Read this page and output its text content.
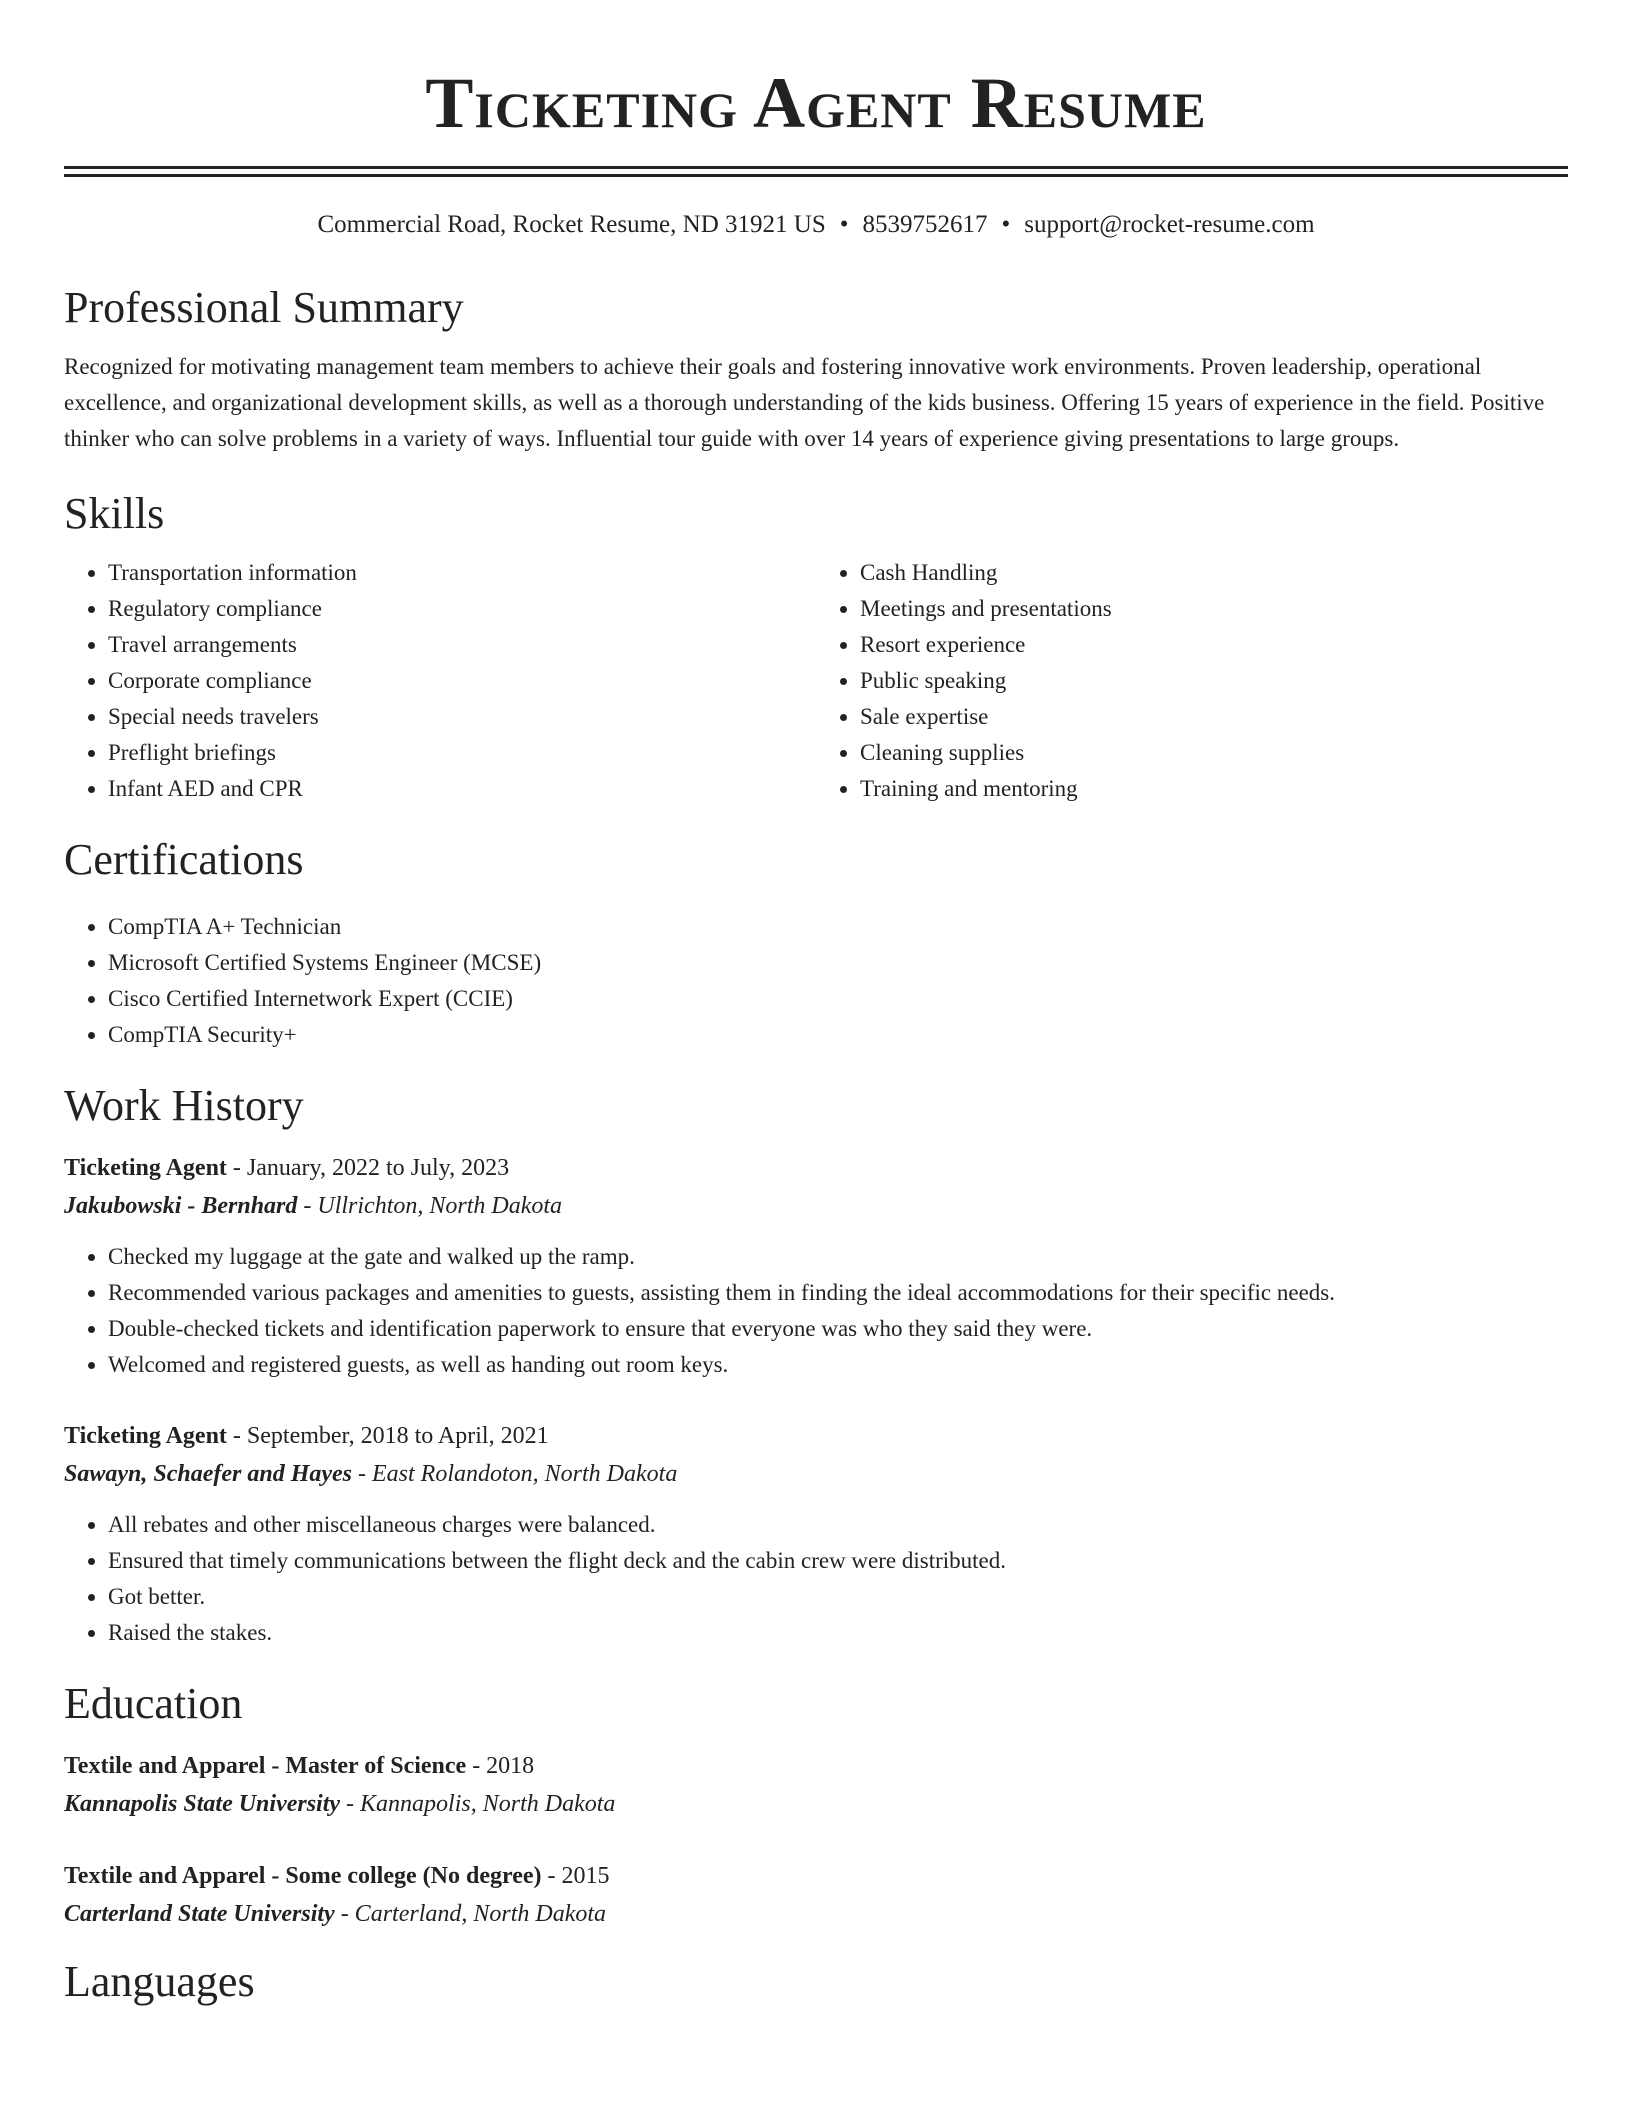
Ticketing Agent Resume
Commercial Road, Rocket Resume, ND 31921 US • 8539752617 • support@rocket-resume.com
Professional Summary

Recognized for motivating management team members to achieve their goals and fostering innovative work environments. Proven leadership, operational excellence, and organizational development skills, as well as a thorough understanding of the kids business. Offering 15 years of experience in the field. Positive thinker who can solve problems in a variety of ways. Influential tour guide with over 14 years of experience giving presentations to large groups.

Skills
• Transportation information
• Regulatory compliance
• Travel arrangements
• Corporate compliance
• Special needs travelers
• Preflight briefings
• Infant AED and CPR
• Cash Handling
• Meetings and presentations
• Resort experience
• Public speaking
• Sale expertise
• Cleaning supplies
• Training and mentoring
Certifications
• CompTIA A+ Technician
• Microsoft Certified Systems Engineer (MCSE)
• Cisco Certified Internetwork Expert (CCIE)
• CompTIA Security+
Work History
Ticketing Agent - January, 2022 to July, 2023
Jakubowski - Bernhard - Ullrichton, North Dakota
• Checked my luggage at the gate and walked up the ramp.
• Recommended various packages and amenities to guests, assisting them in finding the ideal accommodations for their specific needs.
• Double-checked tickets and identification paperwork to ensure that everyone was who they said they were.
• Welcomed and registered guests, as well as handing out room keys.
Ticketing Agent - September, 2018 to April, 2021
Sawayn, Schaefer and Hayes - East Rolandoton, North Dakota
• All rebates and other miscellaneous charges were balanced.
• Ensured that timely communications between the flight deck and the cabin crew were distributed.
• Got better.
• Raised the stakes.
Education
Textile and Apparel - Master of Science - 2018
Kannapolis State University - Kannapolis, North Dakota
Textile and Apparel - Some college (No degree) - 2015
Carterland State University - Carterland, North Dakota
Languages
